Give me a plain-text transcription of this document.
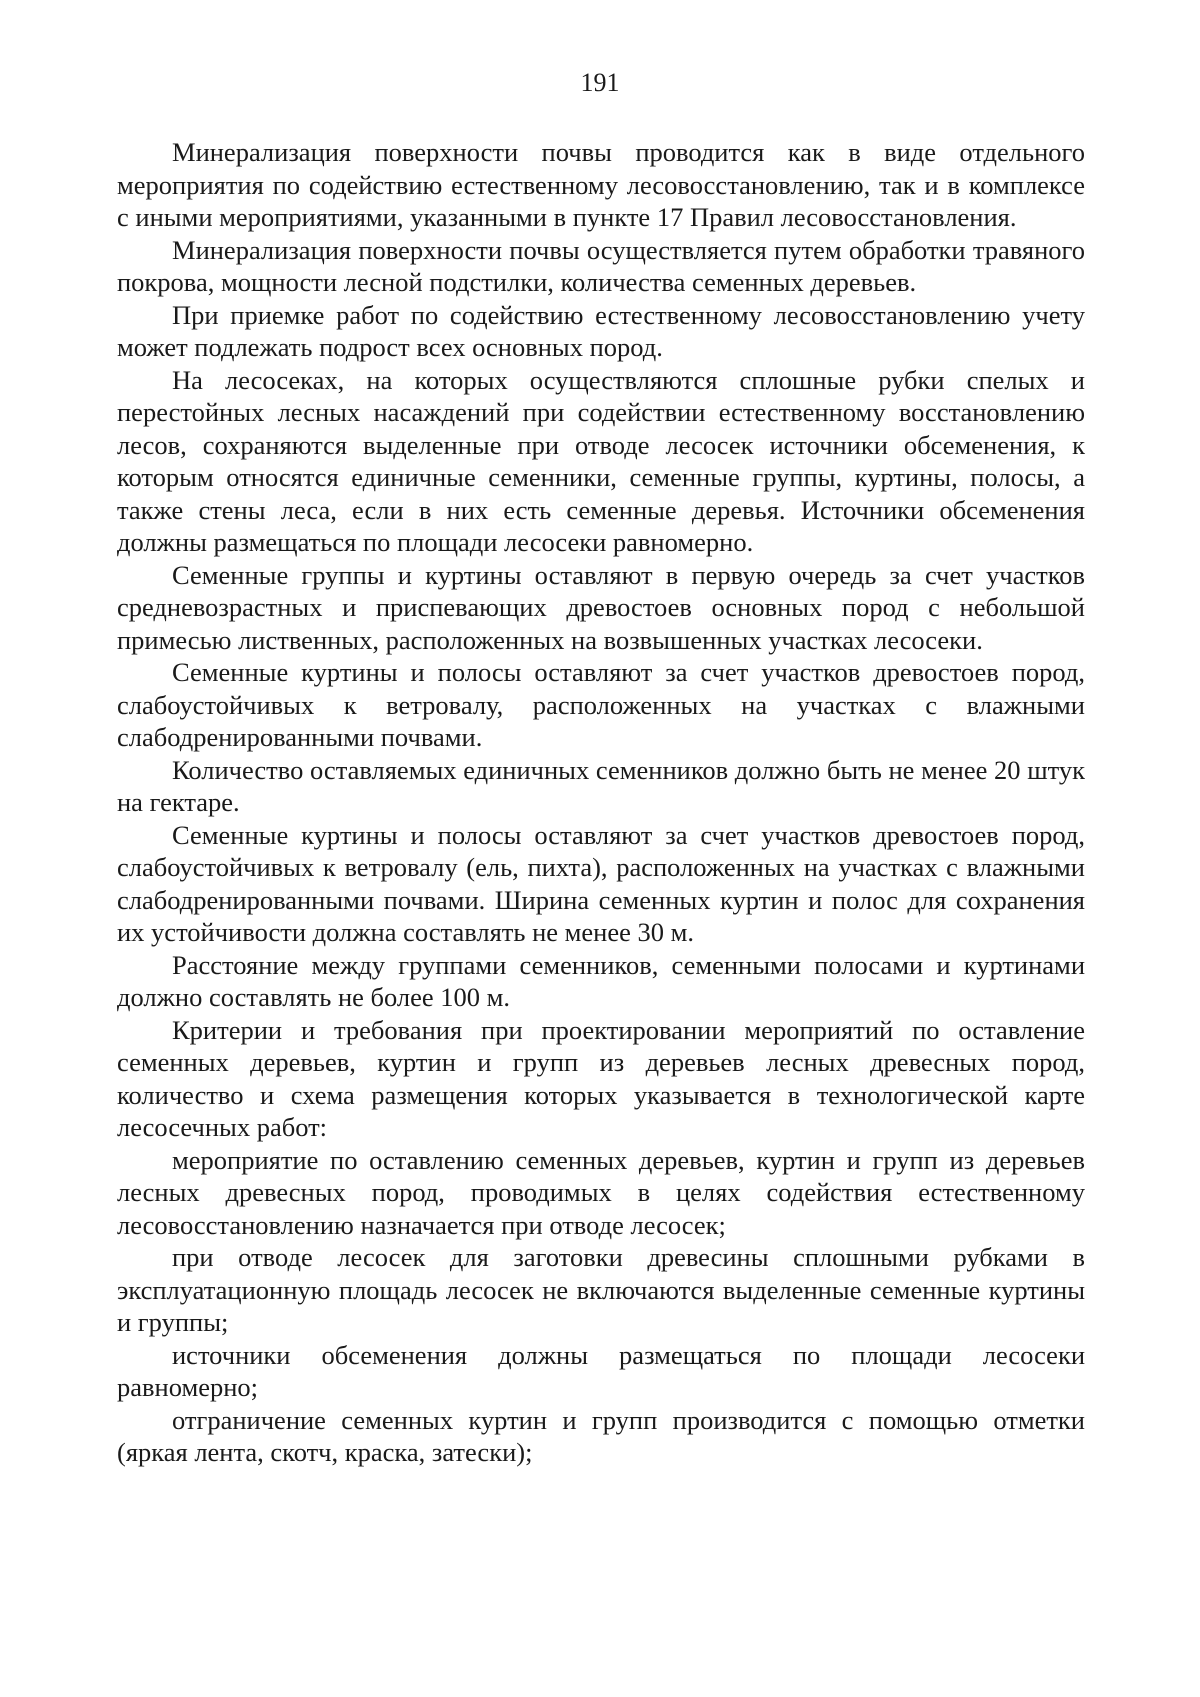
191

Минерализация поверхности почвы проводится как в виде отдельного мероприятия по содействию естественному лесовосстановлению, так и в комплексе с иными мероприятиями, указанными в пункте 17 Правил лесовосстановления.

Минерализация поверхности почвы осуществляется путем обработки травяного покрова, мощности лесной подстилки, количества семенных деревьев.

При приемке работ по содействию естественному лесовосстановлению учету может подлежать подрост всех основных пород.

На лесосеках, на которых осуществляются сплошные рубки спелых и перестойных лесных насаждений при содействии естественному восстановлению лесов, сохраняются выделенные при отводе лесосек источники обсеменения, к которым относятся единичные семенники, семенные группы, куртины, полосы, а также стены леса, если в них есть семенные деревья. Источники обсеменения должны размещаться по площади лесосеки равномерно.

Семенные группы и куртины оставляют в первую очередь за счет участков средневозрастных и приспевающих древостоев основных пород с небольшой примесью лиственных, расположенных на возвышенных участках лесосеки.

Семенные куртины и полосы оставляют за счет участков древостоев пород, слабоустойчивых к ветровалу, расположенных на участках с влажными слабодренированными почвами.

Количество оставляемых единичных семенников должно быть не менее 20 штук на гектаре.

Семенные куртины и полосы оставляют за счет участков древостоев пород, слабоустойчивых к ветровалу (ель, пихта), расположенных на участках с влажными слабодренированными почвами. Ширина семенных куртин и полос для сохранения их устойчивости должна составлять не менее 30 м.

Расстояние между группами семенников, семенными полосами и куртинами должно составлять не более 100 м.

Критерии и требования при проектировании мероприятий по оставление семенных деревьев, куртин и групп из деревьев лесных древесных пород, количество и схема размещения которых указывается в технологической карте лесосечных работ:

мероприятие по оставлению семенных деревьев, куртин и групп из деревьев лесных древесных пород, проводимых в целях содействия естественному лесовосстановлению назначается при отводе лесосек;

при отводе лесосек для заготовки древесины сплошными рубками в эксплуатационную площадь лесосек не включаются выделенные семенные куртины и группы;

источники обсеменения должны размещаться по площади лесосеки равномерно;

отграничение семенных куртин и групп производится с помощью отметки (яркая лента, скотч, краска, затески);
